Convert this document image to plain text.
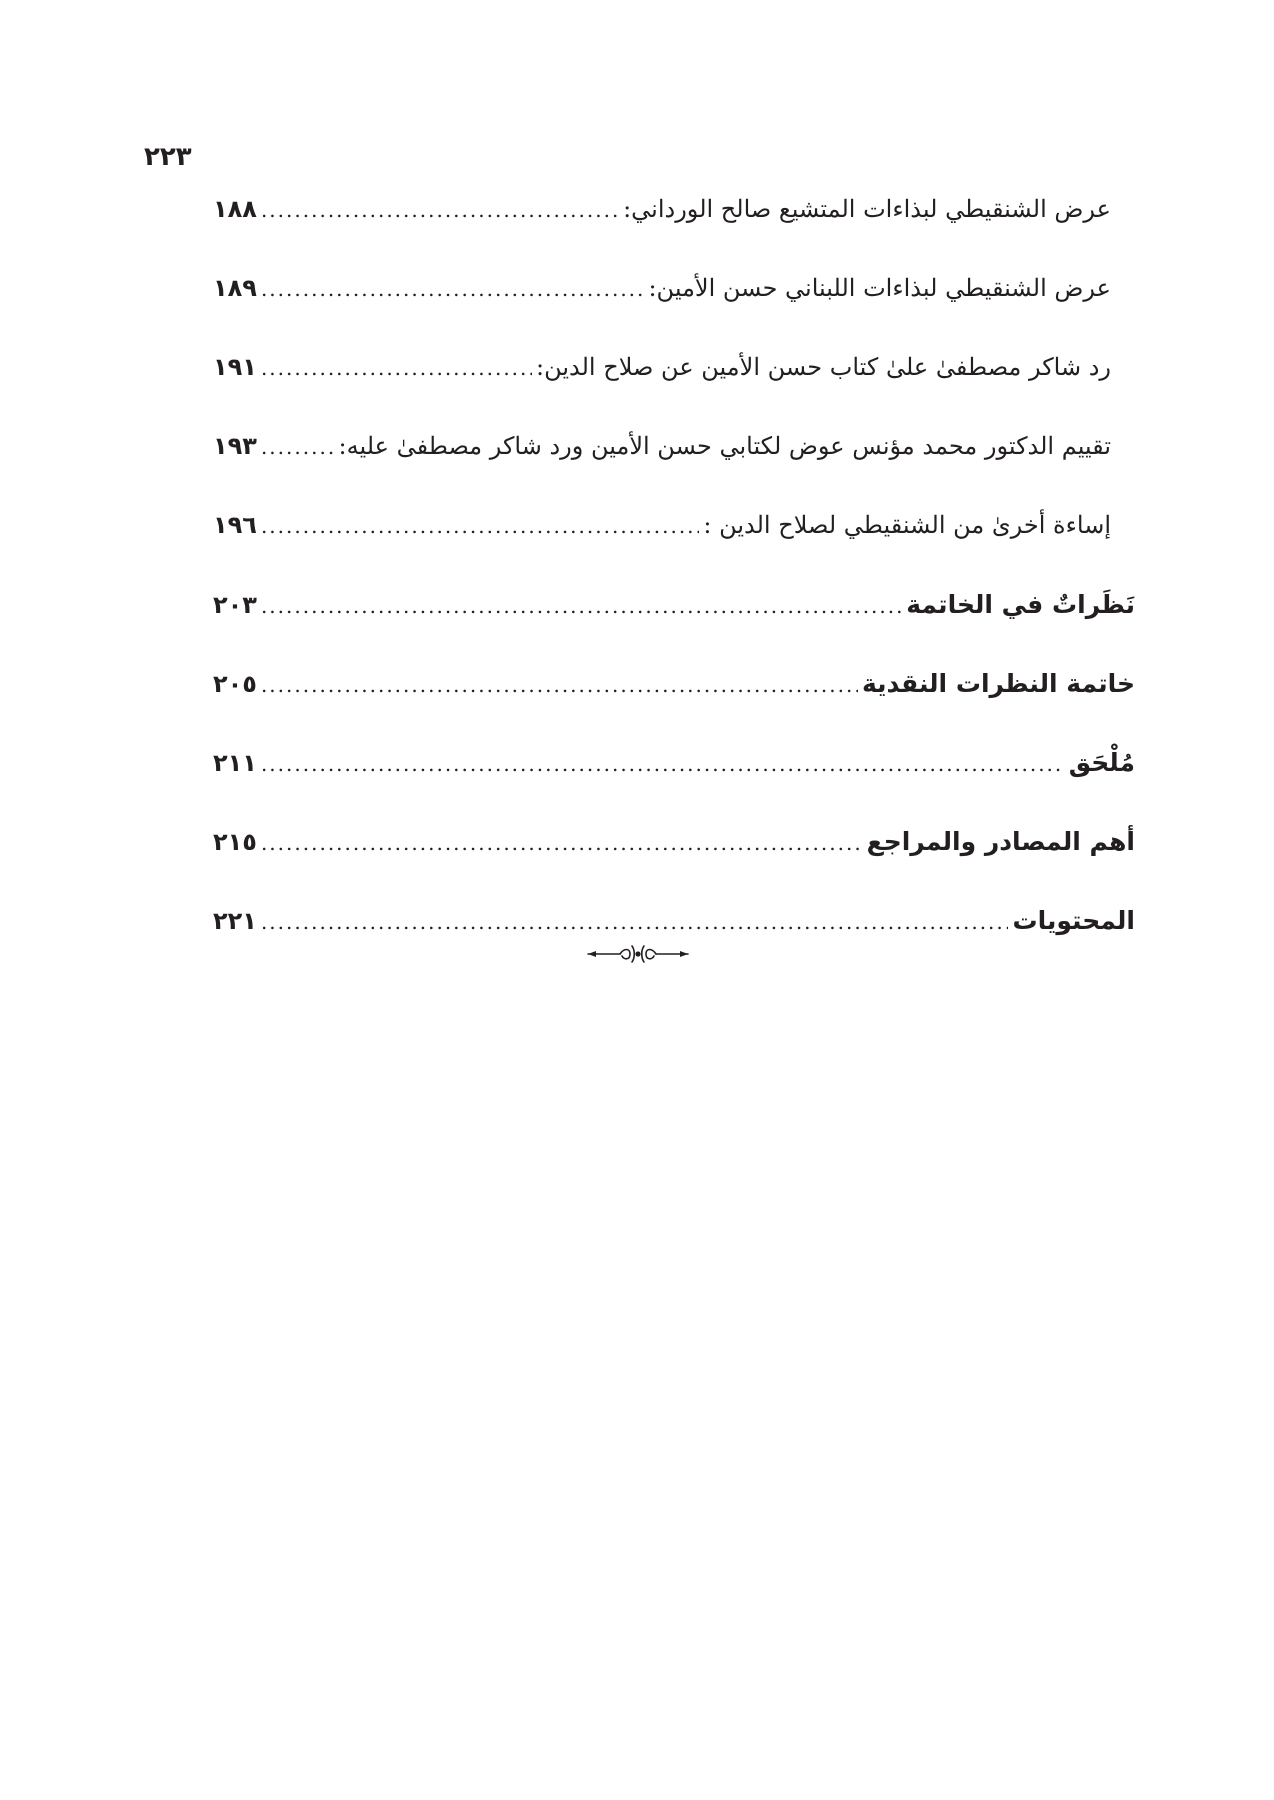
٢٢٣
عرض الشنقيطي لبذاءات المتشيع صالح الورداني:
.....
١٨٨
عرض الشنقيطي لبذاءات اللبناني حسن الأمين:
.....
١٨٩
رد شاكر مصطفىٰ علىٰ كتاب حسن الأمين عن صلاح الدين:
.....
١٩١
تقييم الدكتور محمد مؤنس عوض لكتابي حسن الأمين ورد شاكر مصطفىٰ عليه:
.....
١٩٣
إساءة أخرىٰ من الشنقيطي لصلاح الدين :
.....
١٩٦
نَظَراتٌ في الخاتمة
.....
٢٠٣
خاتمة النظرات النقدية
.....
٢٠٥
مُلْحَق
.....
٢١١
أهم المصادر والمراجع
.....
٢١٥
المحتويات
.....
٢٢١
